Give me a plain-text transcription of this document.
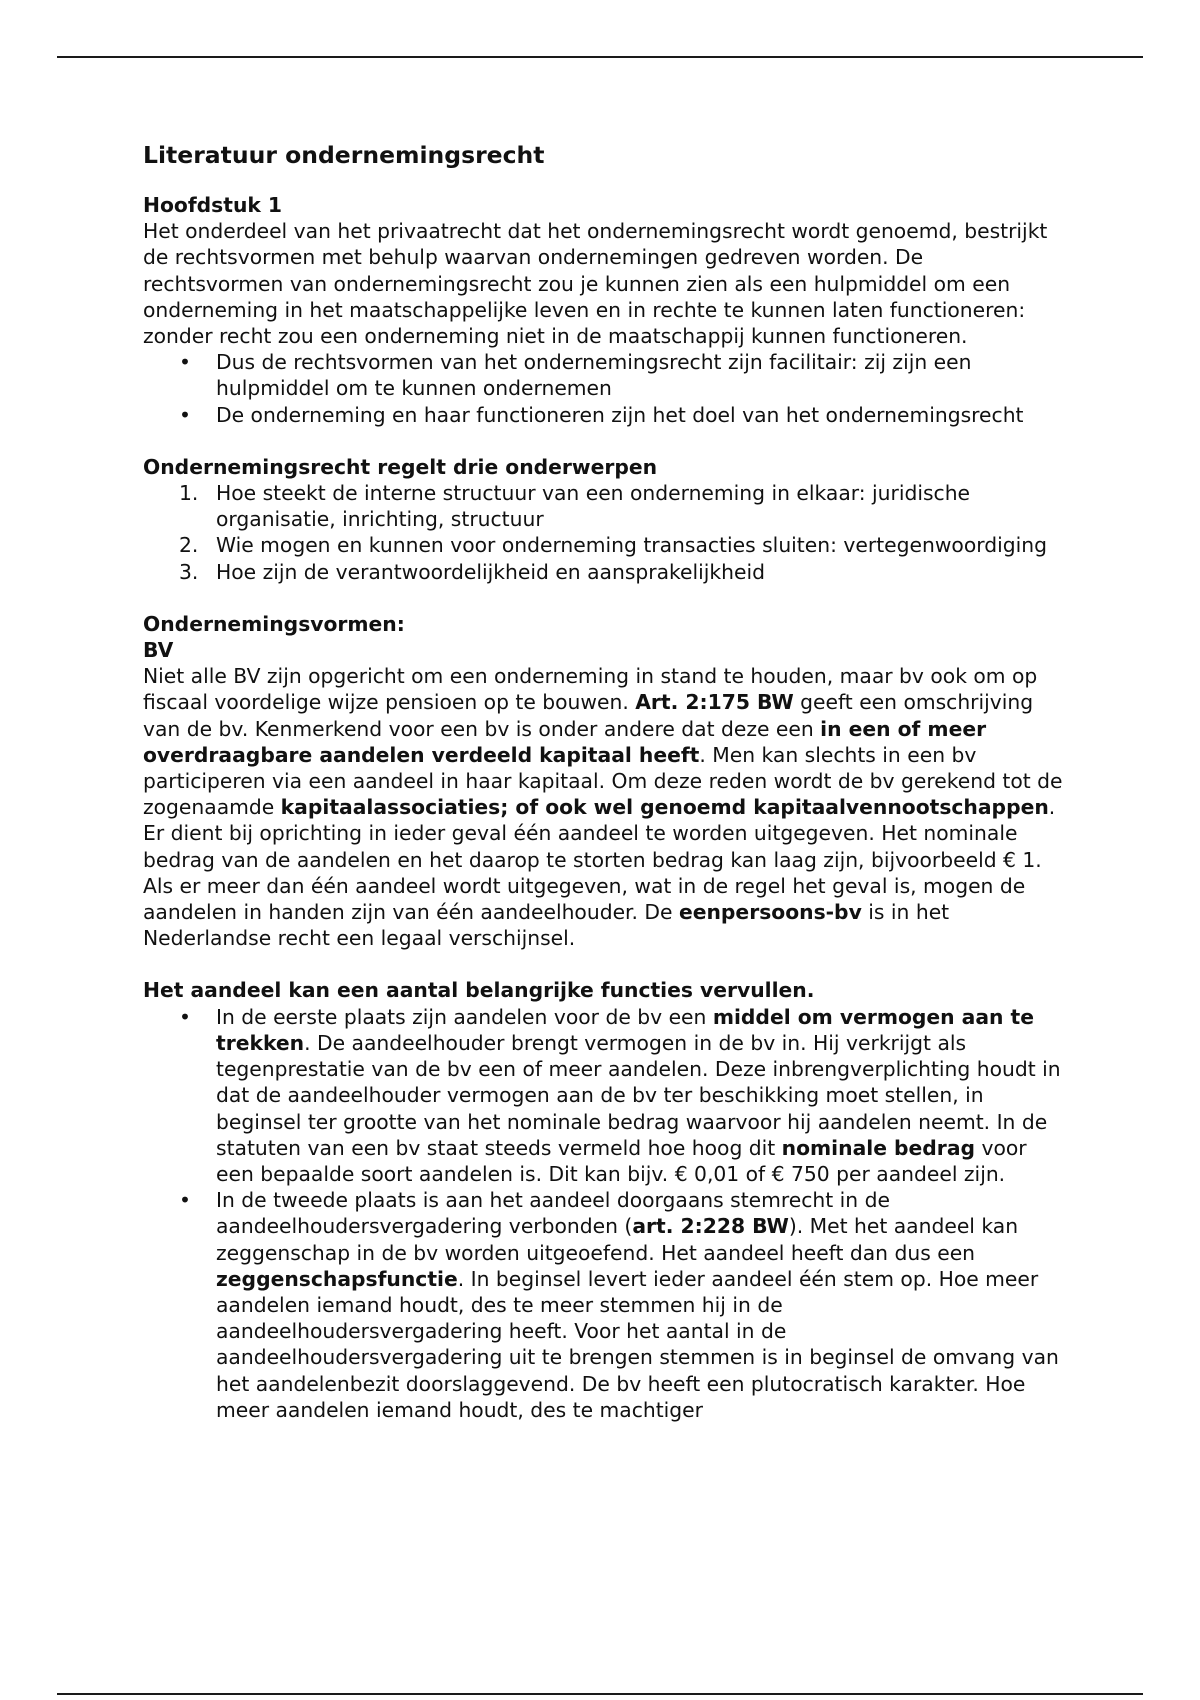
Literatuur ondernemingsrecht

Hoofdstuk 1

Het onderdeel van het privaatrecht dat het ondernemingsrecht wordt genoemd, bestrijkt de rechtsvormen met behulp waarvan ondernemingen gedreven worden. De rechtsvormen van ondernemingsrecht zou je kunnen zien als een hulpmiddel om een onderneming in het maatschappelijke leven en in rechte te kunnen laten functioneren: zonder recht zou een onderneming niet in de maatschappij kunnen functioneren.

• Dus de rechtsvormen van het ondernemingsrecht zijn facilitair: zij zijn een hulpmiddel om te kunnen ondernemen
• De onderneming en haar functioneren zijn het doel van het ondernemingsrecht

Ondernemingsrecht regelt drie onderwerpen

1. Hoe steekt de interne structuur van een onderneming in elkaar: juridische organisatie, inrichting, structuur
2. Wie mogen en kunnen voor onderneming transacties sluiten: vertegenwoordiging
3. Hoe zijn de verantwoordelijkheid en aansprakelijkheid

Ondernemingsvormen:

BV

Niet alle BV zijn opgericht om een onderneming in stand te houden, maar bv ook om op fiscaal voordelige wijze pensioen op te bouwen. Art. 2:175 BW geeft een omschrijving van de bv. Kenmerkend voor een bv is onder andere dat deze een in een of meer overdraagbare aandelen verdeeld kapitaal heeft. Men kan slechts in een bv participeren via een aandeel in haar kapitaal. Om deze reden wordt de bv gerekend tot de zogenaamde kapitaalassociaties; of ook wel genoemd kapitaalvennootschappen. Er dient bij oprichting in ieder geval één aandeel te worden uitgegeven. Het nominale bedrag van de aandelen en het daarop te storten bedrag kan laag zijn, bijvoorbeeld € 1. Als er meer dan één aandeel wordt uitgegeven, wat in de regel het geval is, mogen de aandelen in handen zijn van één aandeelhouder. De eenpersoons-bv is in het Nederlandse recht een legaal verschijnsel.

Het aandeel kan een aantal belangrijke functies vervullen.

• In de eerste plaats zijn aandelen voor de bv een middel om vermogen aan te trekken. De aandeelhouder brengt vermogen in de bv in. Hij verkrijgt als tegenprestatie van de bv een of meer aandelen. Deze inbrengverplichting houdt in dat de aandeelhouder vermogen aan de bv ter beschikking moet stellen, in beginsel ter grootte van het nominale bedrag waarvoor hij aandelen neemt. In de statuten van een bv staat steeds vermeld hoe hoog dit nominale bedrag voor een bepaalde soort aandelen is. Dit kan bijv. € 0,01 of € 750 per aandeel zijn.
• In de tweede plaats is aan het aandeel doorgaans stemrecht in de aandeelhoudersvergadering verbonden (art. 2:228 BW). Met het aandeel kan zeggenschap in de bv worden uitgeoefend. Het aandeel heeft dan dus een zeggenschapsfunctie. In beginsel levert ieder aandeel één stem op. Hoe meer aandelen iemand houdt, des te meer stemmen hij in de aandeelhoudersvergadering heeft. Voor het aantal in de aandeelhoudersvergadering uit te brengen stemmen is in beginsel de omvang van het aandelenbezit doorslaggevend. De bv heeft een plutocratisch karakter. Hoe meer aandelen iemand houdt, des te machtiger
